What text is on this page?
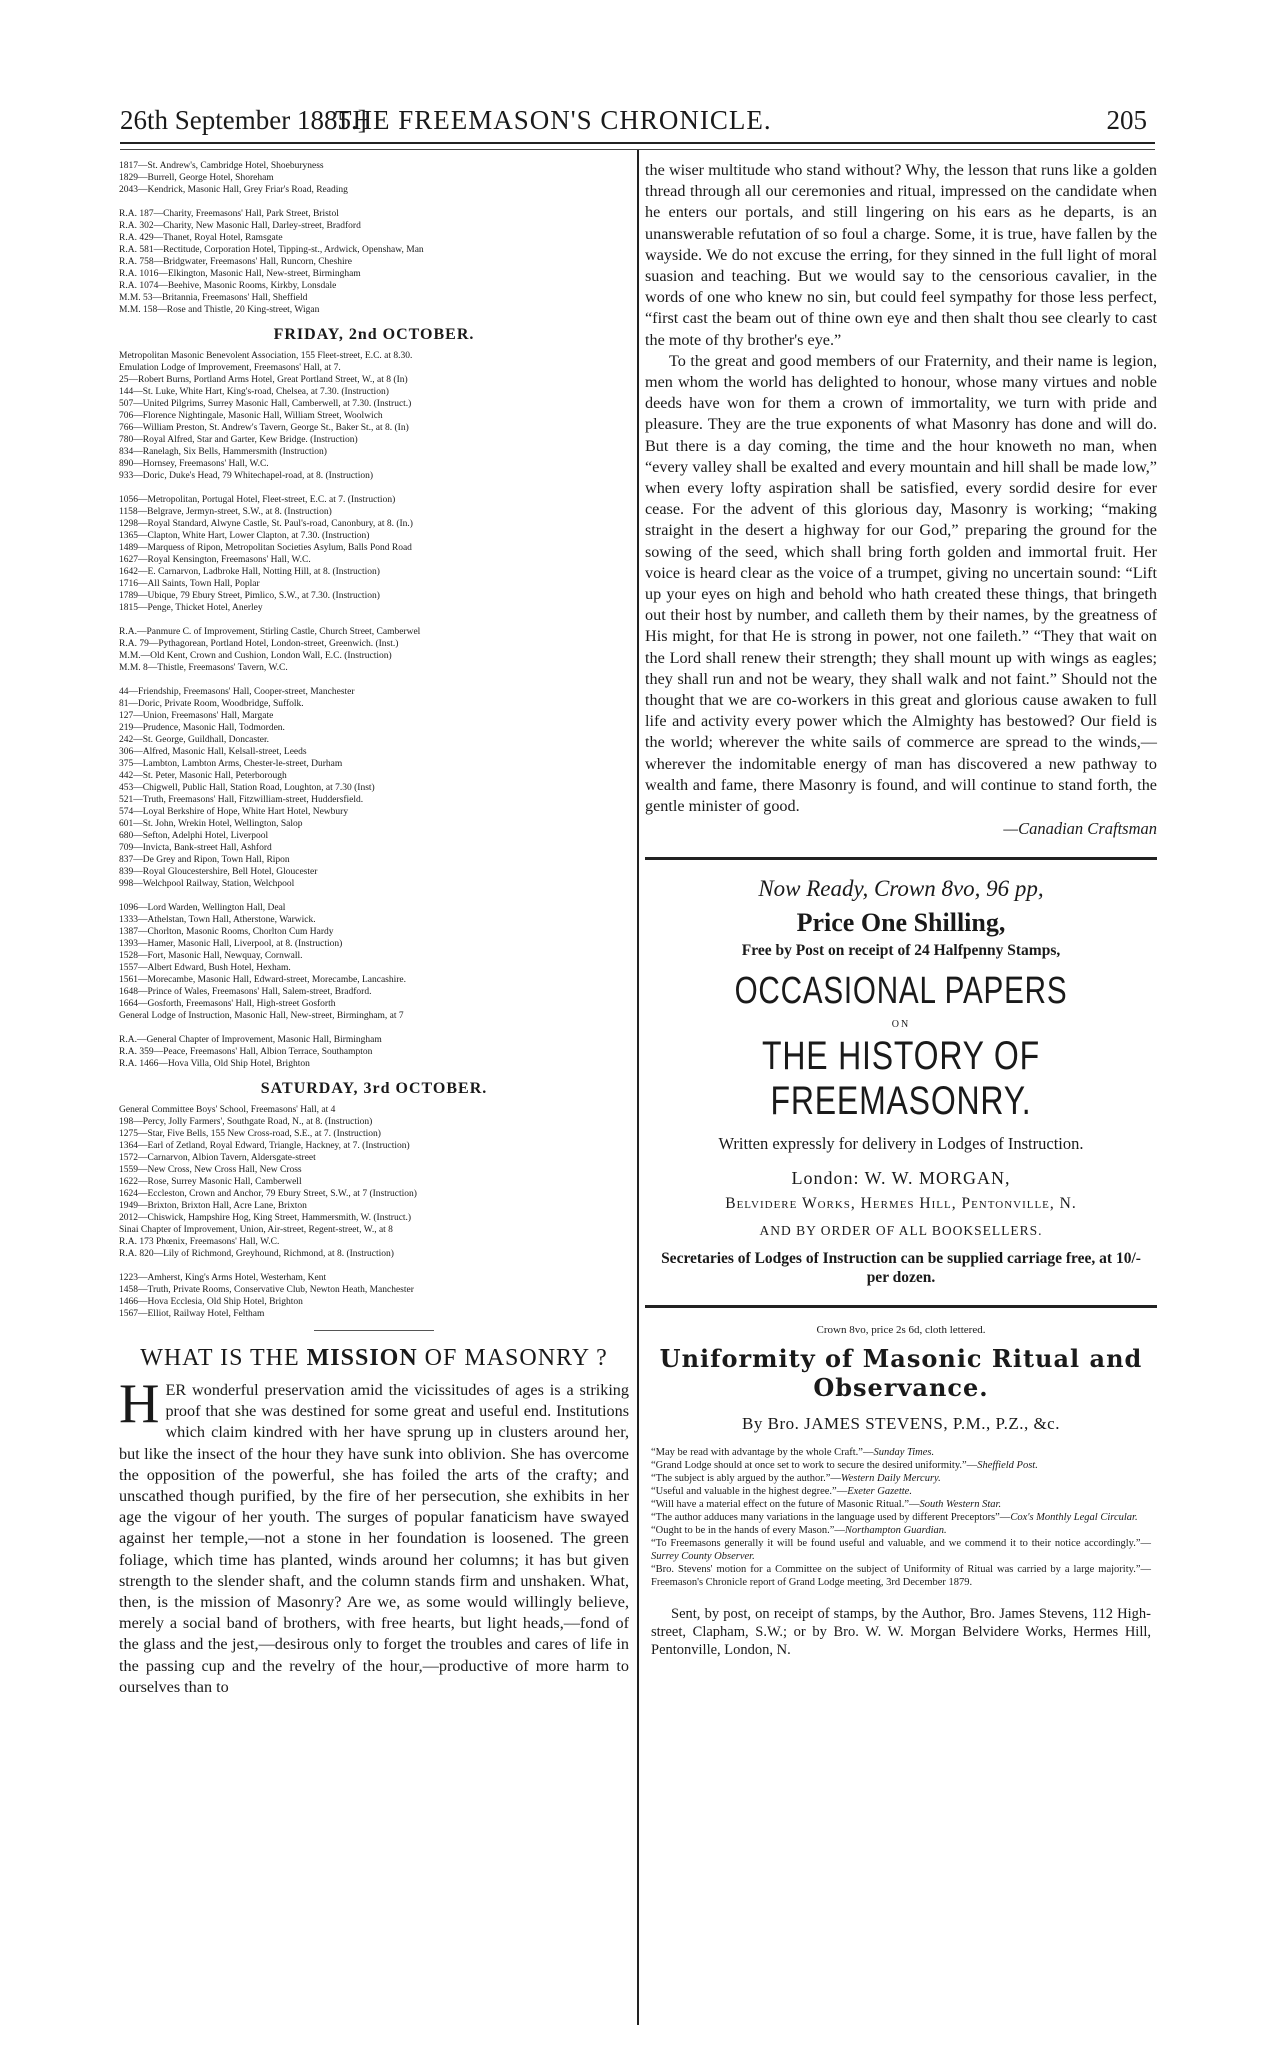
26th September 1885.]
THE FREEMASON'S CHRONICLE.	205
1817—St. Andrew's, Cambridge Hotel, Shoeburyness
1829—Burrell, George Hotel, Shoreham
2043—Kendrick, Masonic Hall, Grey Friar's Road, Reading
R.A. 187—Charity, Freemasons' Hall, Park Street, Bristol
R.A. 302—Charity, New Masonic Hall, Darley-street, Bradford
R.A. 429—Thanet, Royal Hotel, Ramsgate
R.A. 581—Rectitude, Corporation Hotel, Tipping-st., Ardwick, Openshaw, Man
R.A. 758—Bridgwater, Freemasons' Hall, Runcorn, Cheshire
R.A. 1016—Elkington, Masonic Hall, New-street, Birmingham
R.A. 1074—Beehive, Masonic Rooms, Kirkby, Lonsdale
M.M. 53—Britannia, Freemasons' Hall, Sheffield
M.M. 158—Rose and Thistle, 20 King-street, Wigan
FRIDAY, 2nd OCTOBER.
Metropolitan Masonic Benevolent Association, 155 Fleet-street, E.C. at 8.30.
Emulation Lodge of Improvement, Freemasons' Hall, at 7.
25—Robert Burns, Portland Arms Hotel, Great Portland Street, W., at 8 (In)
144—St. Luke, White Hart, King's-road, Chelsea, at 7.30. (Instruction)
507—United Pilgrims, Surrey Masonic Hall, Camberwell, at 7.30. (Instruct.)
706—Florence Nightingale, Masonic Hall, William Street, Woolwich
766—William Preston, St. Andrew's Tavern, George St., Baker St., at 8. (In)
780—Royal Alfred, Star and Garter, Kew Bridge. (Instruction)
834—Ranelagh, Six Bells, Hammersmith (Instruction)
890—Hornsey, Freemasons' Hall, W.C.
933—Doric, Duke's Head, 79 Whitechapel-road, at 8. (Instruction)
1056—Metropolitan, Portugal Hotel, Fleet-street, E.C. at 7. (Instruction)
1158—Belgrave, Jermyn-street, S.W., at 8. (Instruction)
1298—Royal Standard, Alwyne Castle, St. Paul's-road, Canonbury, at 8. (In.)
1365—Clapton, White Hart, Lower Clapton, at 7.30. (Instruction)
1489—Marquess of Ripon, Metropolitan Societies Asylum, Balls Pond Road
1627—Royal Kensington, Freemasons' Hall, W.C.
1642—E. Carnarvon, Ladbroke Hall, Notting Hill, at 8. (Instruction)
1716—All Saints, Town Hall, Poplar
1789—Ubique, 79 Ebury Street, Pimlico, S.W., at 7.30. (Instruction)
1815—Penge, Thicket Hotel, Anerley
R.A.—Panmure C. of Improvement, Stirling Castle, Church Street, Camberwel
R.A. 79—Pythagorean, Portland Hotel, London-street, Greenwich. (Inst.)
M.M.—Old Kent, Crown and Cushion, London Wall, E.C. (Instruction)
M.M. 8—Thistle, Freemasons' Tavern, W.C.
44—Friendship, Freemasons' Hall, Cooper-street, Manchester
81—Doric, Private Room, Woodbridge, Suffolk.
127—Union, Freemasons' Hall, Margate
219—Prudence, Masonic Hall, Todmorden.
242—St. George, Guildhall, Doncaster.
306—Alfred, Masonic Hall, Kelsall-street, Leeds
375—Lambton, Lambton Arms, Chester-le-street, Durham
442—St. Peter, Masonic Hall, Peterborough
453—Chigwell, Public Hall, Station Road, Loughton, at 7.30 (Inst)
521—Truth, Freemasons' Hall, Fitzwilliam-street, Huddersfield.
574—Loyal Berkshire of Hope, White Hart Hotel, Newbury
601—St. John, Wrekin Hotel, Wellington, Salop
680—Sefton, Adelphi Hotel, Liverpool
709—Invicta, Bank-street Hall, Ashford
837—De Grey and Ripon, Town Hall, Ripon
839—Royal Gloucestershire, Bell Hotel, Gloucester
998—Welchpool Railway, Station, Welchpool
1096—Lord Warden, Wellington Hall, Deal
1333—Athelstan, Town Hall, Atherstone, Warwick.
1387—Chorlton, Masonic Rooms, Chorlton Cum Hardy
1393—Hamer, Masonic Hall, Liverpool, at 8. (Instruction)
1528—Fort, Masonic Hall, Newquay, Cornwall.
1557—Albert Edward, Bush Hotel, Hexham.
1561—Morecambe, Masonic Hall, Edward-street, Morecambe, Lancashire.
1648—Prince of Wales, Freemasons' Hall, Salem-street, Bradford.
1664—Gosforth, Freemasons' Hall, High-street Gosforth
General Lodge of Instruction, Masonic Hall, New-street, Birmingham, at 7
R.A.—General Chapter of Improvement, Masonic Hall, Birmingham
R.A. 359—Peace, Freemasons' Hall, Albion Terrace, Southampton
R.A. 1466—Hova Villa, Old Ship Hotel, Brighton
SATURDAY, 3rd OCTOBER.
General Committee Boys' School, Freemasons' Hall, at 4
198—Percy, Jolly Farmers', Southgate Road, N., at 8. (Instruction)
1275—Star, Five Bells, 155 New Cross-road, S.E., at 7. (Instruction)
1364—Earl of Zetland, Royal Edward, Triangle, Hackney, at 7. (Instruction)
1572—Carnarvon, Albion Tavern, Aldersgate-street
1559—New Cross, New Cross Hall, New Cross
1622—Rose, Surrey Masonic Hall, Camberwell
1624—Eccleston, Crown and Anchor, 79 Ebury Street, S.W., at 7 (Instruction)
1949—Brixton, Brixton Hall, Acre Lane, Brixton
2012—Chiswick, Hampshire Hog, King Street, Hammersmith, W. (Instruct.)
Sinai Chapter of Improvement, Union, Air-street, Regent-street, W., at 8
R.A. 173 Phœnix, Freemasons' Hall, W.C.
R.A. 820—Lily of Richmond, Greyhound, Richmond, at 8. (Instruction)
1223—Amherst, King's Arms Hotel, Westerham, Kent
1458—Truth, Private Rooms, Conservative Club, Newton Heath, Manchester
1466—Hova Ecclesia, Old Ship Hotel, Brighton
1567—Elliot, Railway Hotel, Feltham
WHAT IS THE MISSION OF MASONRY ?

HER wonderful preservation amid the vicissitudes of ages is a striking proof that she was destined for some great and useful end. Institutions which claim kindred with her have sprung up in clusters around her, but like the insect of the hour they have sunk into oblivion. She has overcome the opposition of the powerful, she has foiled the arts of the crafty; and unscathed though purified, by the fire of her persecution, she exhibits in her age the vigour of her youth. The surges of popular fanaticism have swayed against her temple,—not a stone in her foundation is loosened. The green foliage, which time has planted, winds around her columns; it has but given strength to the slender shaft, and the column stands firm and unshaken. What, then, is the mission of Masonry? Are we, as some would willingly believe, merely a social band of brothers, with free hearts, but light heads,—fond of the glass and the jest,—desirous only to forget the troubles and cares of life in the passing cup and the revelry of the hour,—productive of more harm to ourselves than to

the wiser multitude who stand without? Why, the lesson that runs like a golden thread through all our ceremonies and ritual, impressed on the candidate when he enters our portals, and still lingering on his ears as he departs, is an unanswerable refutation of so foul a charge. Some, it is true, have fallen by the wayside. We do not excuse the erring, for they sinned in the full light of moral suasion and teaching. But we would say to the censorious cavalier, in the words of one who knew no sin, but could feel sympathy for those less perfect, “first cast the beam out of thine own eye and then shalt thou see clearly to cast the mote of thy brother's eye.”

To the great and good members of our Fraternity, and their name is legion, men whom the world has delighted to honour, whose many virtues and noble deeds have won for them a crown of immortality, we turn with pride and pleasure. They are the true exponents of what Masonry has done and will do. But there is a day coming, the time and the hour knoweth no man, when “every valley shall be exalted and every mountain and hill shall be made low,” when every lofty aspiration shall be satisfied, every sordid desire for ever cease. For the advent of this glorious day, Masonry is working; “making straight in the desert a highway for our God,” preparing the ground for the sowing of the seed, which shall bring forth golden and immortal fruit. Her voice is heard clear as the voice of a trumpet, giving no uncertain sound: “Lift up your eyes on high and behold who hath created these things, that bringeth out their host by number, and calleth them by their names, by the greatness of His might, for that He is strong in power, not one faileth.” “They that wait on the Lord shall renew their strength; they shall mount up with wings as eagles; they shall run and not be weary, they shall walk and not faint.” Should not the thought that we are co-workers in this great and glorious cause awaken to full life and activity every power which the Almighty has bestowed? Our field is the world; wherever the white sails of commerce are spread to the winds,—wherever the indomitable energy of man has discovered a new pathway to wealth and fame, there Masonry is found, and will continue to stand forth, the gentle minister of good.

—Canadian Craftsman
Now Ready, Crown 8vo, 96 pp,
Price One Shilling,
Free by Post on receipt of 24 Halfpenny Stamps,
OCCASIONAL PAPERS
ON
THE HISTORY OF FREEMASONRY.
Written expressly for delivery in Lodges of Instruction.
London: W. W. MORGAN,
Belvidere Works, Hermes Hill, Pentonville, N.
AND BY ORDER OF ALL BOOKSELLERS.
Secretaries of Lodges of Instruction can be supplied carriage free, at 10/- per dozen.
Crown 8vo, price 2s 6d, cloth lettered.
Uniformity of Masonic Ritual and Observance.
By Bro. JAMES STEVENS, P.M., P.Z., &c.
“May be read with advantage by the whole Craft.”—Sunday Times.
“Grand Lodge should at once set to work to secure the desired uniformity.”—Sheffield Post.
“The subject is ably argued by the author.”—Western Daily Mercury.
“Useful and valuable in the highest degree.”—Exeter Gazette.
“Will have a material effect on the future of Masonic Ritual.”—South Western Star.
“The author adduces many variations in the language used by different Preceptors”—Cox's Monthly Legal Circular.
“Ought to be in the hands of every Mason.”—Northampton Guardian.
“To Freemasons generally it will be found useful and valuable, and we commend it to their notice accordingly.”—Surrey County Observer.
“Bro. Stevens' motion for a Committee on the subject of Uniformity of Ritual was carried by a large majority.”—Freemason's Chronicle report of Grand Lodge meeting, 3rd December 1879.

Sent, by post, on receipt of stamps, by the Author, Bro. James Stevens, 112 High-street, Clapham, S.W.; or by Bro. W. W. Morgan Belvidere Works, Hermes Hill, Pentonville, London, N.
